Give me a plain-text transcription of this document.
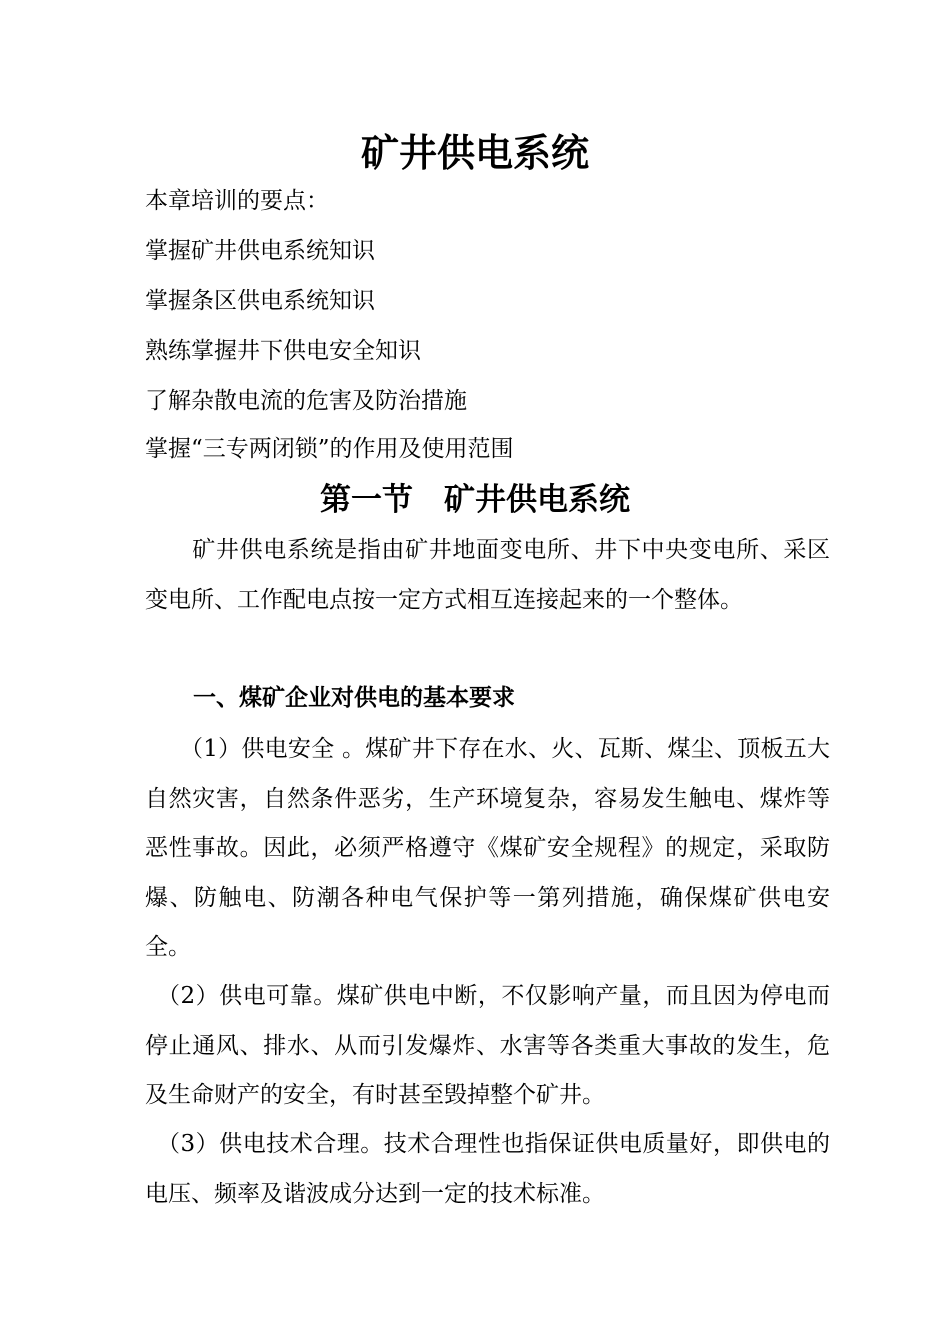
矿井供电系统

本章培训的要点：

掌握矿井供电系统知识

掌握条区供电系统知识

熟练掌握井下供电安全知识

了解杂散电流的危害及防治措施

掌握“三专两闭锁”的作用及使用范围

第一节　矿井供电系统

　　矿井供电系统是指由矿井地面变电所、井下中央变电所、采区变电所、工作配电点按一定方式相互连接起来的一个整体。

一、煤矿企业对供电的基本要求

　　（1）供电安全 。煤矿井下存在水、火、瓦斯、煤尘、顶板五大自然灾害，自然条件恶劣，生产环境复杂，容易发生触电、煤炸等恶性事故。因此，必须严格遵守《煤矿安全规程》的规定，采取防爆、防触电、防潮各种电气保护等一第列措施，确保煤矿供电安全。

　（2）供电可靠。煤矿供电中断，不仅影响产量，而且因为停电而停止通风、排水、从而引发爆炸、水害等各类重大事故的发生，危及生命财产的安全，有时甚至毁掉整个矿井。

　（3）供电技术合理。技术合理性也指保证供电质量好，即供电的电压、频率及谐波成分达到一定的技术标准。
